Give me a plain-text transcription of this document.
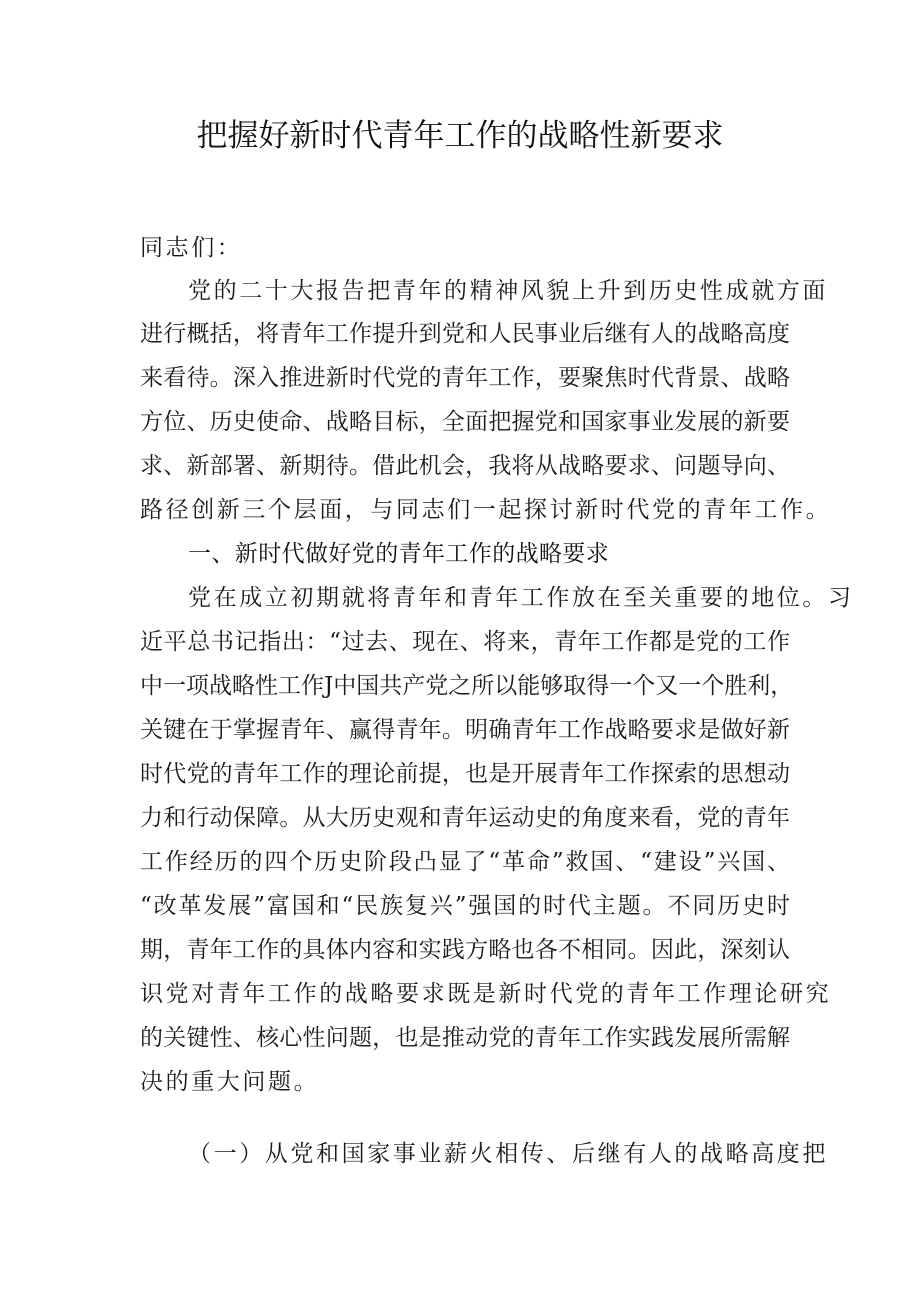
把握好新时代青年工作的战略性新要求
同志们：
党的二十大报告把青年的精神风貌上升到历史性成就方面
进行概括，将青年工作提升到党和人民事业后继有人的战略高度
来看待。深入推进新时代党的青年工作，要聚焦时代背景、战略
方位、历史使命、战略目标，全面把握党和国家事业发展的新要
求、新部署、新期待。借此机会，我将从战略要求、问题导向、
路径创新三个层面，与同志们一起探讨新时代党的青年工作。
一、新时代做好党的青年工作的战略要求
党在成立初期就将青年和青年工作放在至关重要的地位。习
近平总书记指出：“过去、现在、将来，青年工作都是党的工作
中一项战略性工作J中国共产党之所以能够取得一个又一个胜利，
关键在于掌握青年、赢得青年。明确青年工作战略要求是做好新
时代党的青年工作的理论前提，也是开展青年工作探索的思想动
力和行动保障。从大历史观和青年运动史的角度来看，党的青年
工作经历的四个历史阶段凸显了“革命”救国、“建设”兴国、
“改革发展”富国和“民族复兴”强国的时代主题。不同历史时
期，青年工作的具体内容和实践方略也各不相同。因此，深刻认
识党对青年工作的战略要求既是新时代党的青年工作理论研究
的关键性、核心性问题，也是推动党的青年工作实践发展所需解
决的重大问题。
（一）从党和国家事业薪火相传、后继有人的战略高度把
